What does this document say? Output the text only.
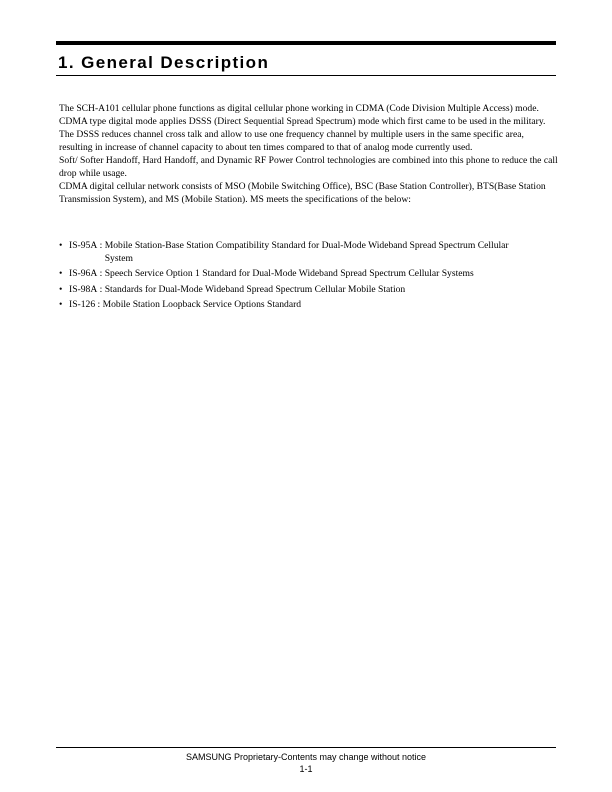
1. General Description

The SCH-A101 cellular phone functions as digital cellular phone working in CDMA (Code Division Multiple Access) mode.

CDMA type digital mode applies DSSS (Direct Sequential Spread Spectrum) mode which first came to be used in the military. The DSSS reduces channel cross talk and allow to use one frequency channel by multiple users in the same specific area, resulting in increase of channel capacity to about ten times compared to that of analog mode currently used.

Soft/ Softer Handoff, Hard Handoff, and Dynamic RF Power Control technologies are combined into this phone to reduce the call drop while usage.

CDMA digital cellular network consists of MSO (Mobile Switching Office), BSC (Base Station Controller), BTS(Base Station Transmission System), and MS (Mobile Station). MS meets the specifications of the below:

• IS-95A : Mobile Station-Base Station Compatibility Standard for Dual-Mode Wideband Spread Spectrum Cellular System
• IS-96A : Speech Service Option 1 Standard for Dual-Mode Wideband Spread Spectrum Cellular Systems
• IS-98A : Standards for Dual-Mode Wideband Spread Spectrum Cellular Mobile Station
• IS-126 : Mobile Station Loopback Service Options Standard
SAMSUNG Proprietary-Contents may change without notice
1-1
